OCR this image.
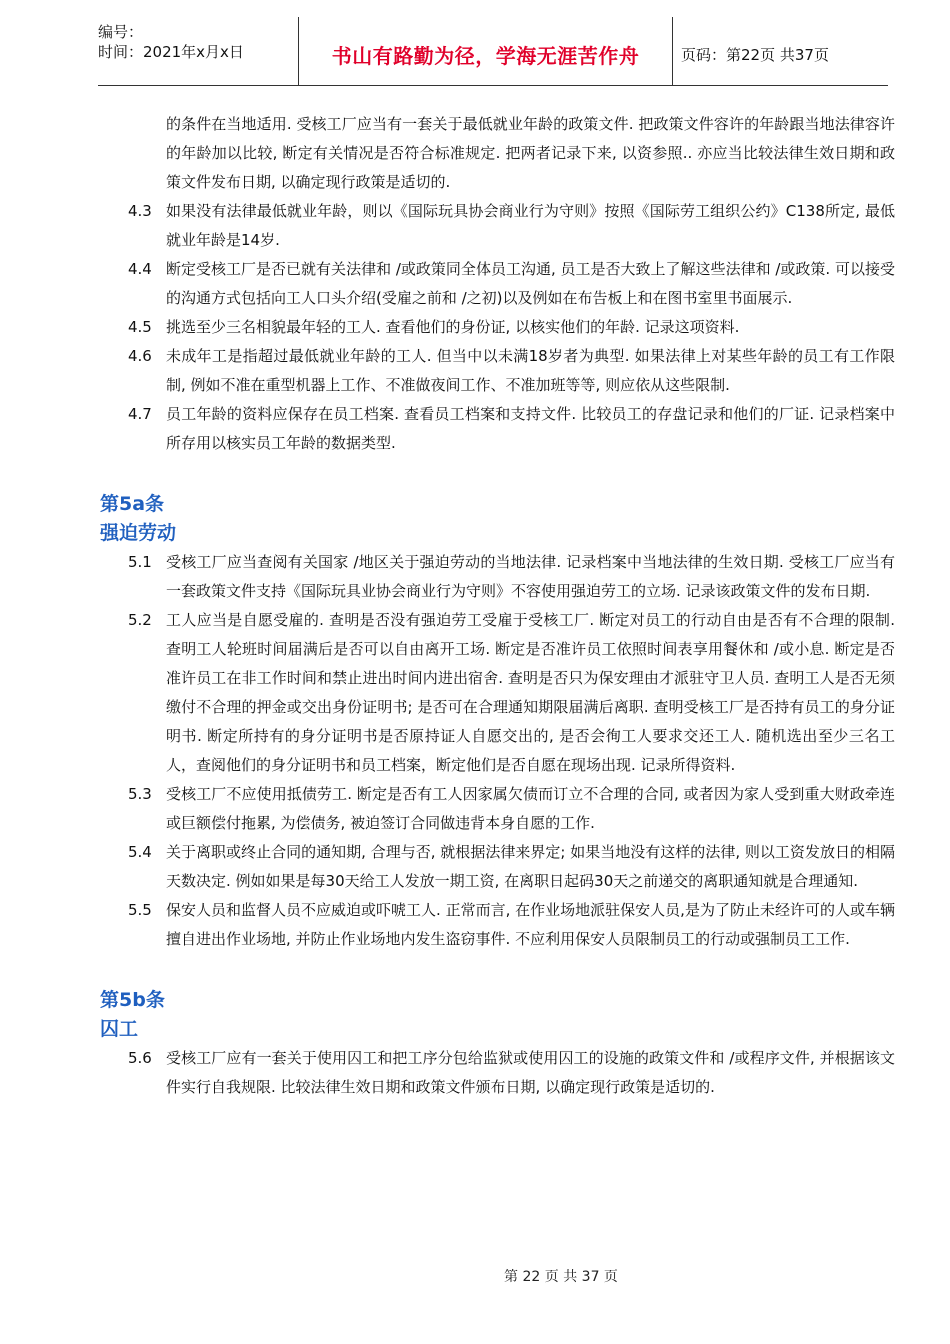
编号：
时间：2021年x月x日	书山有路勤为径，学海无涯苦作舟	页码：第22页 共37页

的条件在当地适用. 受核工厂应当有一套关于最低就业年龄的政策文件. 把政策文件容许的年龄跟当地法律容许的年龄加以比较, 断定有关情况是否符合标准规定. 把两者记录下来, 以资参照.. 亦应当比较法律生效日期和政策文件发布日期, 以确定现行政策是适切的.

4.3 如果没有法律最低就业年龄，则以《国际玩具协会商业行为守则》按照《国际劳工组织公约》C138所定, 最低就业年龄是14岁.
4.4 断定受核工厂是否已就有关法律和 /或政策同全体员工沟通, 员工是否大致上了解这些法律和 /或政策. 可以接受的沟通方式包括向工人口头介绍(受雇之前和 /之初)以及例如在布告板上和在图书室里书面展示.
4.5 挑选至少三名相貌最年轻的工人. 查看他们的身份证, 以核实他们的年龄. 记录这项资料.
4.6 未成年工是指超过最低就业年龄的工人. 但当中以未满18岁者为典型. 如果法律上对某些年龄的员工有工作限制, 例如不准在重型机器上工作、不准做夜间工作、不准加班等等, 则应依从这些限制.
4.7 员工年龄的资料应保存在员工档案. 查看员工档案和支持文件. 比较员工的存盘记录和他们的厂证. 记录档案中所存用以核实员工年龄的数据类型.

第5a条

强迫劳动

5.1 受核工厂应当查阅有关国家 /地区关于强迫劳动的当地法律. 记录档案中当地法律的生效日期. 受核工厂应当有一套政策文件支持《国际玩具业协会商业行为守则》不容使用强迫劳工的立场. 记录该政策文件的发布日期.
5.2 工人应当是自愿受雇的. 查明是否没有强迫劳工受雇于受核工厂. 断定对员工的行动自由是否有不合理的限制. 查明工人轮班时间届满后是否可以自由离开工场. 断定是否准许员工依照时间表享用餐休和 /或小息. 断定是否准许员工在非工作时间和禁止进出时间内进出宿舍. 查明是否只为保安理由才派驻守卫人员. 查明工人是否无须缴付不合理的押金或交出身份证明书; 是否可在合理通知期限届满后离职. 查明受核工厂是否持有员工的身分证明书. 断定所持有的身分证明书是否原持证人自愿交出的, 是否会徇工人要求交还工人. 随机选出至少三名工人，查阅他们的身分证明书和员工档案，断定他们是否自愿在现场出现. 记录所得资料.
5.3 受核工厂不应使用抵债劳工. 断定是否有工人因家属欠债而订立不合理的合同, 或者因为家人受到重大财政牵连或巨额偿付拖累, 为偿债务, 被迫签订合同做违背本身自愿的工作.
5.4 关于离职或终止合同的通知期, 合理与否, 就根据法律来界定; 如果当地没有这样的法律, 则以工资发放日的相隔天数决定. 例如如果是每30天给工人发放一期工资, 在离职日起码30天之前递交的离职通知就是合理通知.
5.5 保安人员和监督人员不应威迫或吓唬工人. 正常而言, 在作业场地派驻保安人员,是为了防止未经许可的人或车辆擅自进出作业场地, 并防止作业场地内发生盗窃事件. 不应利用保安人员限制员工的行动或强制员工工作.

第5b条

囚工

5.6 受核工厂应有一套关于使用囚工和把工序分包给监狱或使用囚工的设施的政策文件和 /或程序文件, 并根据该文件实行自我规限. 比较法律生效日期和政策文件颁布日期, 以确定现行政策是适切的.
第 22 页 共 37 页
